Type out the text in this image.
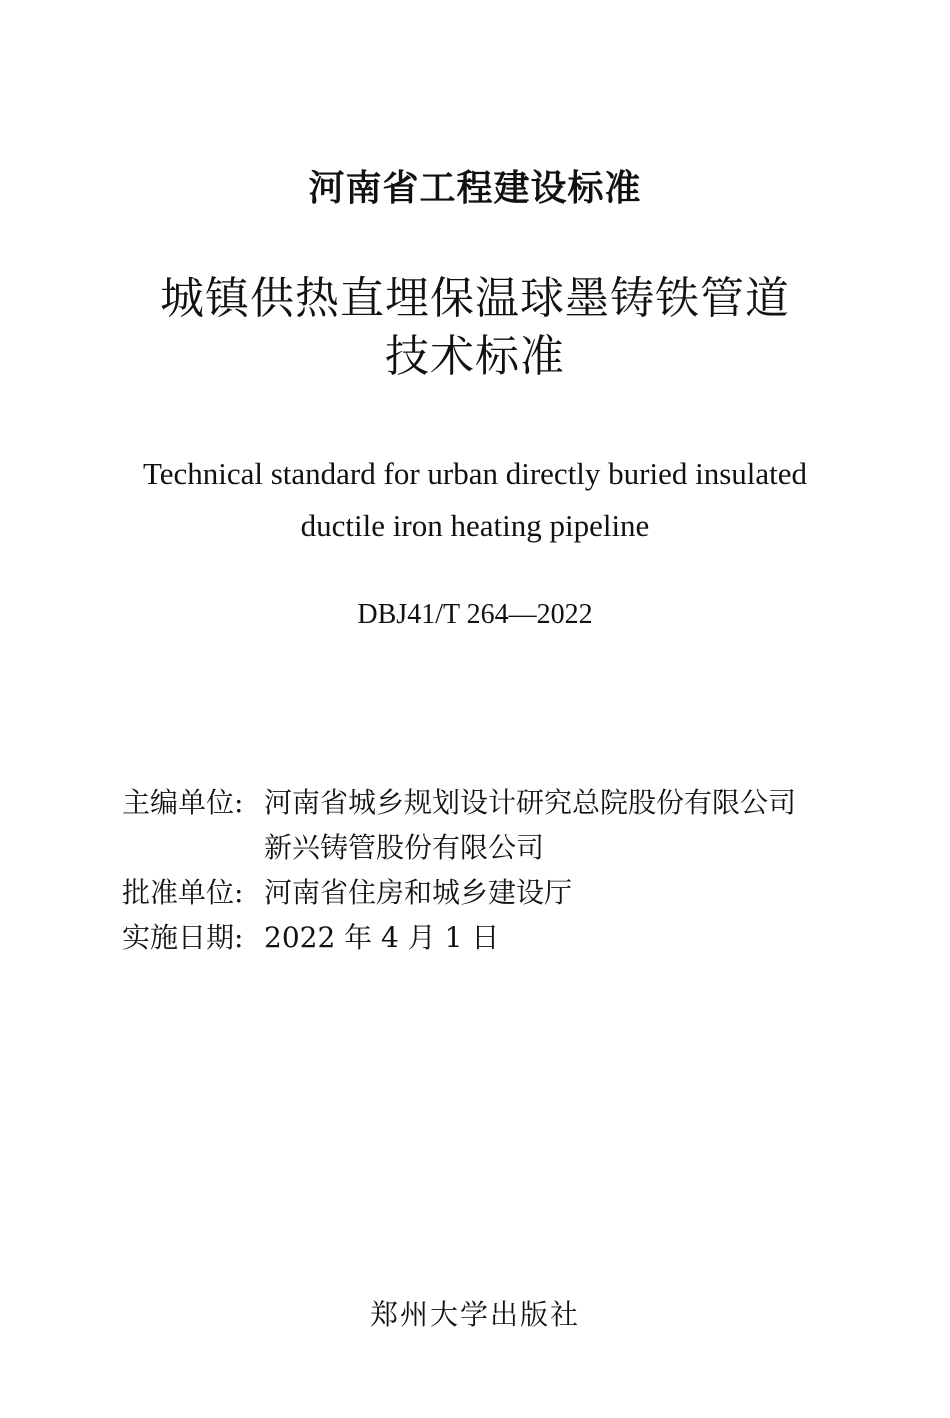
河南省工程建设标准
城镇供热直埋保温球墨铸铁管道
技术标准
Technical standard for urban directly buried insulated
ductile iron heating pipeline
DBJ41/T 264—2022
主编单位: 河南省城乡规划设计研究总院股份有限公司
新兴铸管股份有限公司
批准单位: 河南省住房和城乡建设厅
实施日期: 2022 年 4 月 1 日
郑州大学出版社
